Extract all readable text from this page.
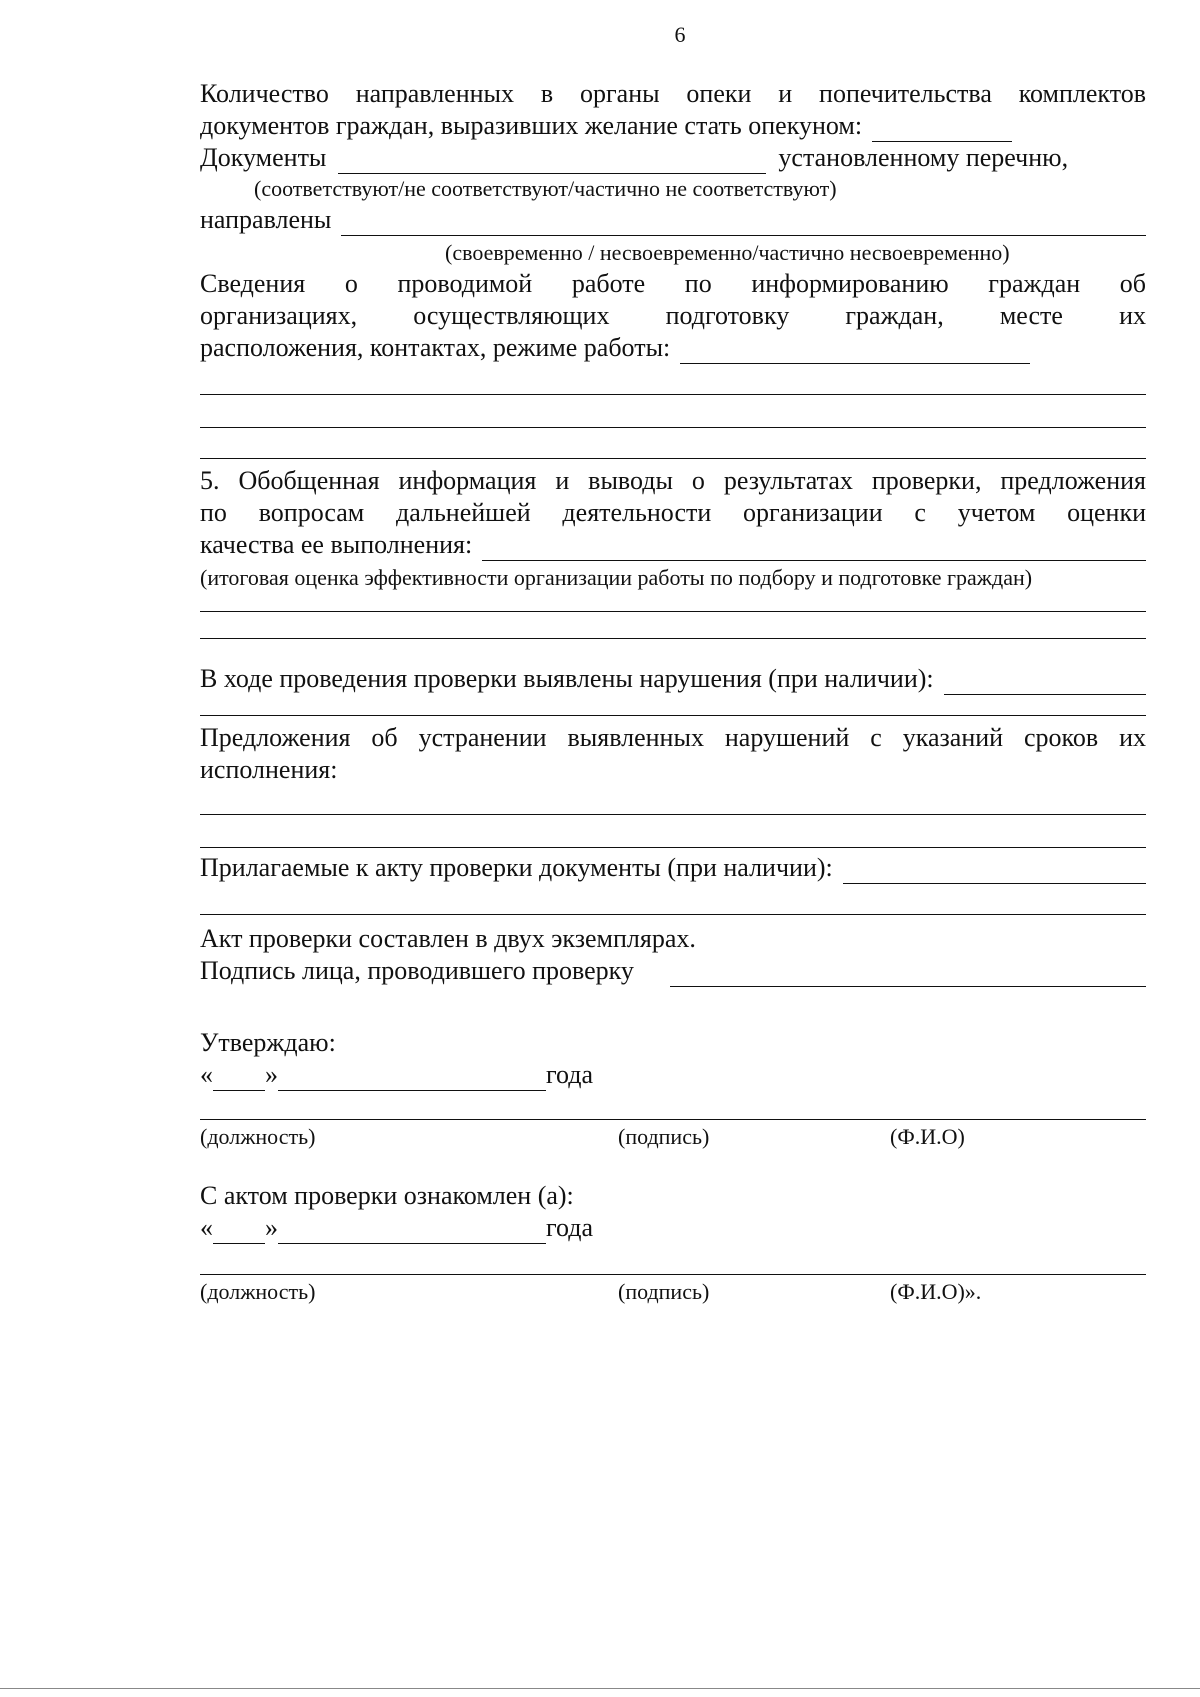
6

Количество направленных в органы опеки и попечительства комплектов

документов граждан, выразивших желание стать опекуном:
Документы	установленному перечню,
(соответствуют/не соответствуют/частично не соответствуют)
направлены
(своевременно / несвоевременно/частично несвоевременно)

Сведения о проводимой работе по информированию граждан об

организациях, осуществляющих подготовку граждан, месте их

расположения, контактах, режиме работы:

5. Обобщенная информация и выводы о результатах проверки, предложения

по вопросам дальнейшей деятельности организации с учетом оценки

качества ее выполнения:
(итоговая оценка эффективности организации работы по подбору и подготовке граждан)
В ходе проведения проверки выявлены нарушения (при наличии):

Предложения об устранении выявленных нарушений с указаний сроков их

исполнения:

Прилагаемые к акту проверки документы (при наличии):

Акт проверки составлен в двух экземплярах.

Подпись лица, проводившего проверку

Утверждаю:

« »	года
(должность)	(подпись)	(Ф.И.О)

С актом проверки ознакомлен (а):

« »	года
(должность)	(подпись)	(Ф.И.О)».
